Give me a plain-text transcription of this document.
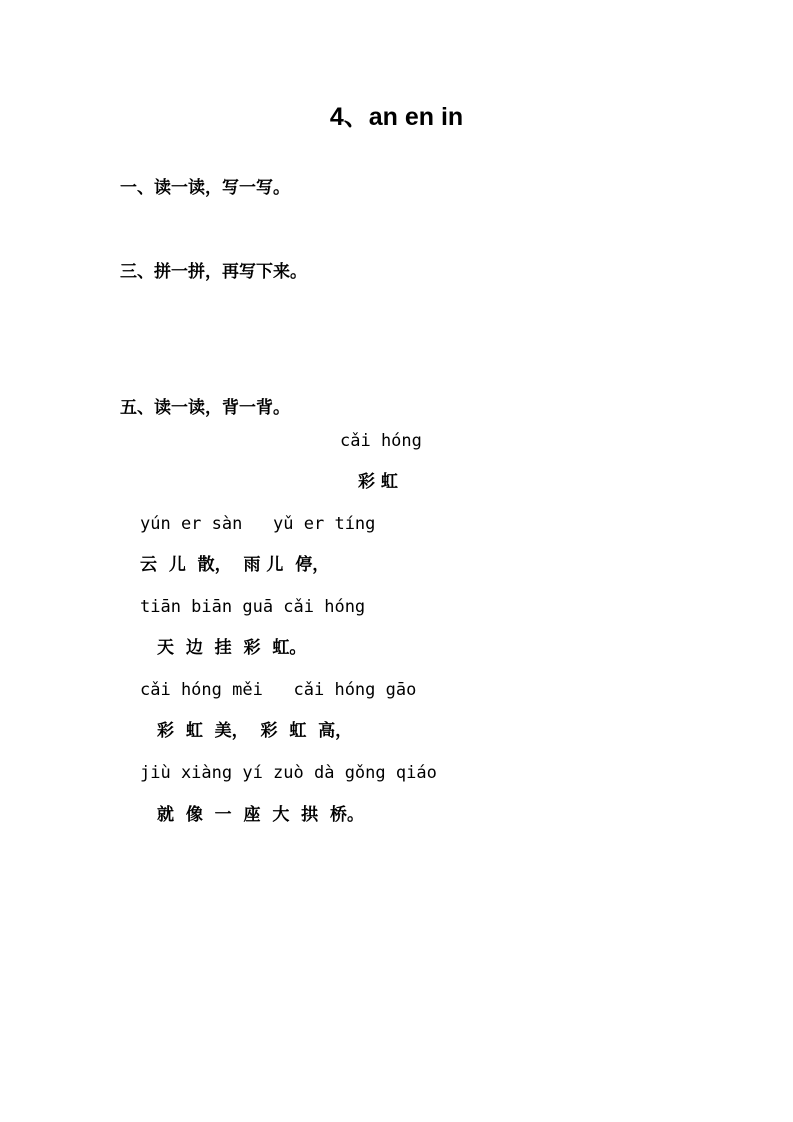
4、an en in
一、读一读，写一写。
三、拼一拼，再写下来。
五、读一读，背一背。
cǎi hóng
彩 虹
yún er sàn   yǔ er tíng
云  儿  散，  雨 儿  停，
tiān biān guā cǎi hóng
天  边  挂  彩  虹。
cǎi hóng měi   cǎi hóng gāo
彩  虹  美，  彩  虹  高，
jiù xiàng yí zuò dà gǒng qiáo
就  像  一  座  大  拱  桥。
